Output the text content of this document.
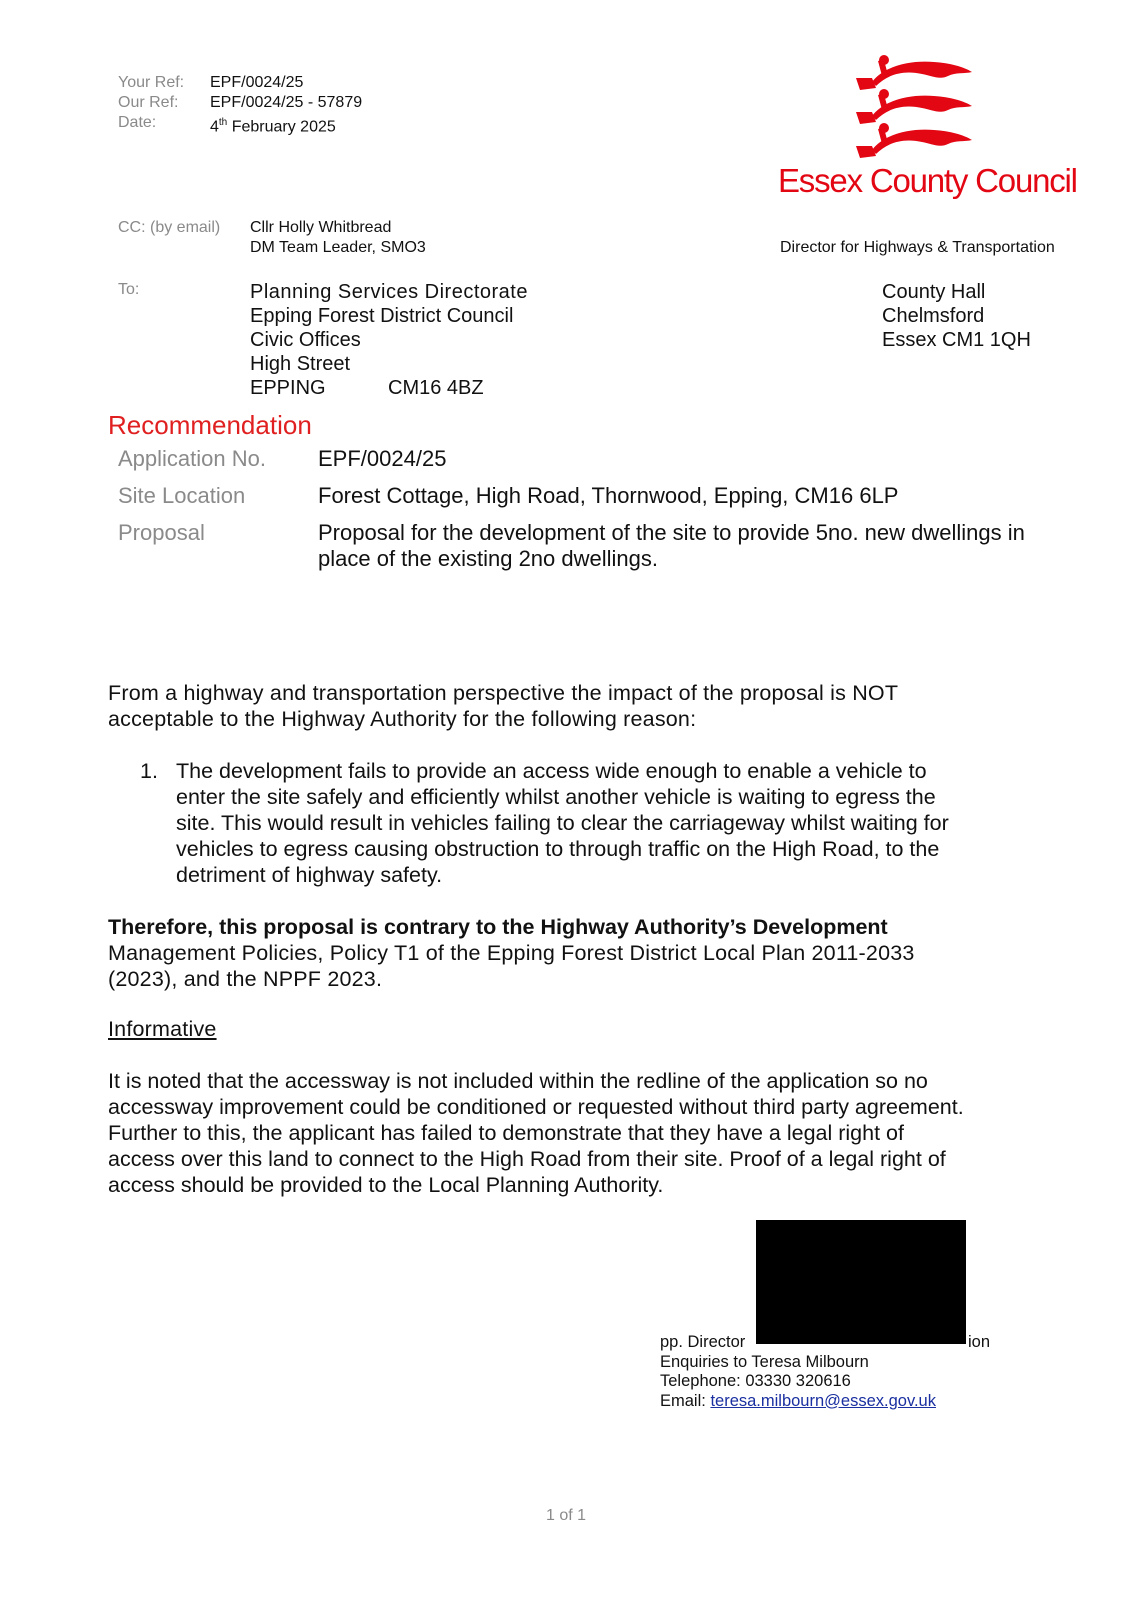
Your Ref:	EPF/0024/25
Our Ref:	EPF/0024/25 - 57879
Date:	4th February 2025
Essex County Council
CC: (by email) Cllr Holly Whitbread
DM Team Leader, SMO3	Director for Highways & Transportation
County Hall
Chelmsford
Essex CM1 1QH
To:	Planning Services Directorate
Epping Forest District Council
Civic Offices
High Street
EPPING	CM16 4BZ
Recommendation
Application No.	EPF/0024/25
Site Location	Forest Cottage, High Road, Thornwood, Epping, CM16 6LP
Proposal	Proposal for the development of the site to provide 5no. new dwellings in
place of the existing 2no dwellings.
From a highway and transportation perspective the impact of the proposal is NOT
acceptable to the Highway Authority for the following reason:
1. The development fails to provide an access wide enough to enable a vehicle to
enter the site safely and efficiently whilst another vehicle is waiting to egress the
site. This would result in vehicles failing to clear the carriageway whilst waiting for
vehicles to egress causing obstruction to through traffic on the High Road, to the
detriment of highway safety.
Therefore, this proposal is contrary to the Highway Authority’s Development
Management Policies, Policy T1 of the Epping Forest District Local Plan 2011-2033
(2023), and the NPPF 2023.
Informative
It is noted that the accessway is not included within the redline of the application so no
accessway improvement could be conditioned or requested without third party agreement.
Further to this, the applicant has failed to demonstrate that they have a legal right of
access over this land to connect to the High Road from their site. Proof of a legal right of
access should be provided to the Local Planning Authority.
pp. Director	ion
Enquiries to Teresa Milbourn
Telephone: 03330 320616
Email: teresa.milbourn@essex.gov.uk
1 of 1
